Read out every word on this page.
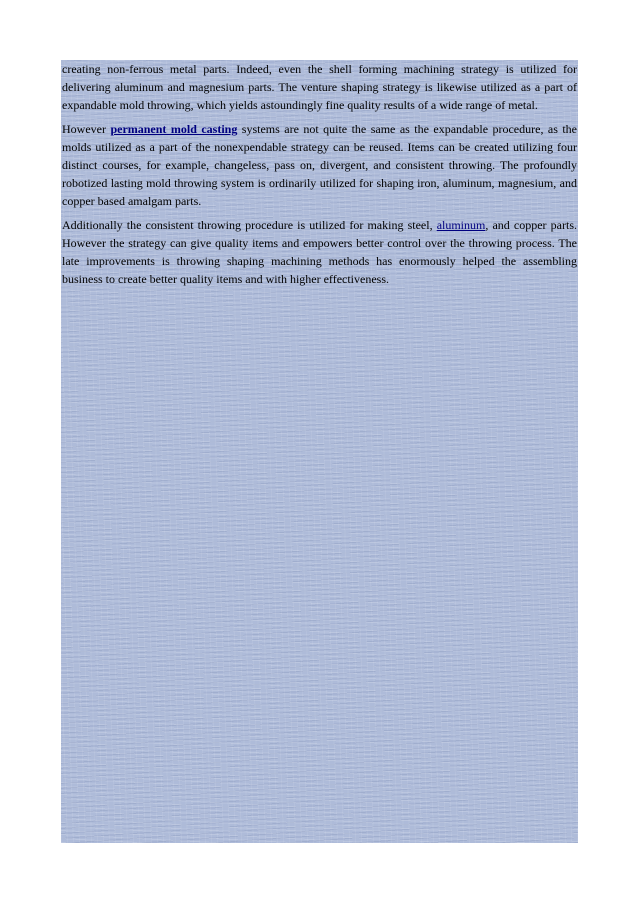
creating non-ferrous metal parts. Indeed, even the shell forming machining strategy is utilized for delivering aluminum and magnesium parts. The venture shaping strategy is likewise utilized as a part of expandable mold throwing, which yields astoundingly fine quality results of a wide range of metal.

However permanent mold casting systems are not quite the same as the expandable procedure, as the molds utilized as a part of the nonexpendable strategy can be reused. Items can be created utilizing four distinct courses, for example, changeless, pass on, divergent, and consistent throwing. The profoundly robotized lasting mold throwing system is ordinarily utilized for shaping iron, aluminum, magnesium, and copper based amalgam parts.

Additionally the consistent throwing procedure is utilized for making steel, aluminum, and copper parts. However the strategy can give quality items and empowers better control over the throwing process. The late improvements is throwing shaping machining methods has enormously helped the assembling business to create better quality items and with higher effectiveness.
